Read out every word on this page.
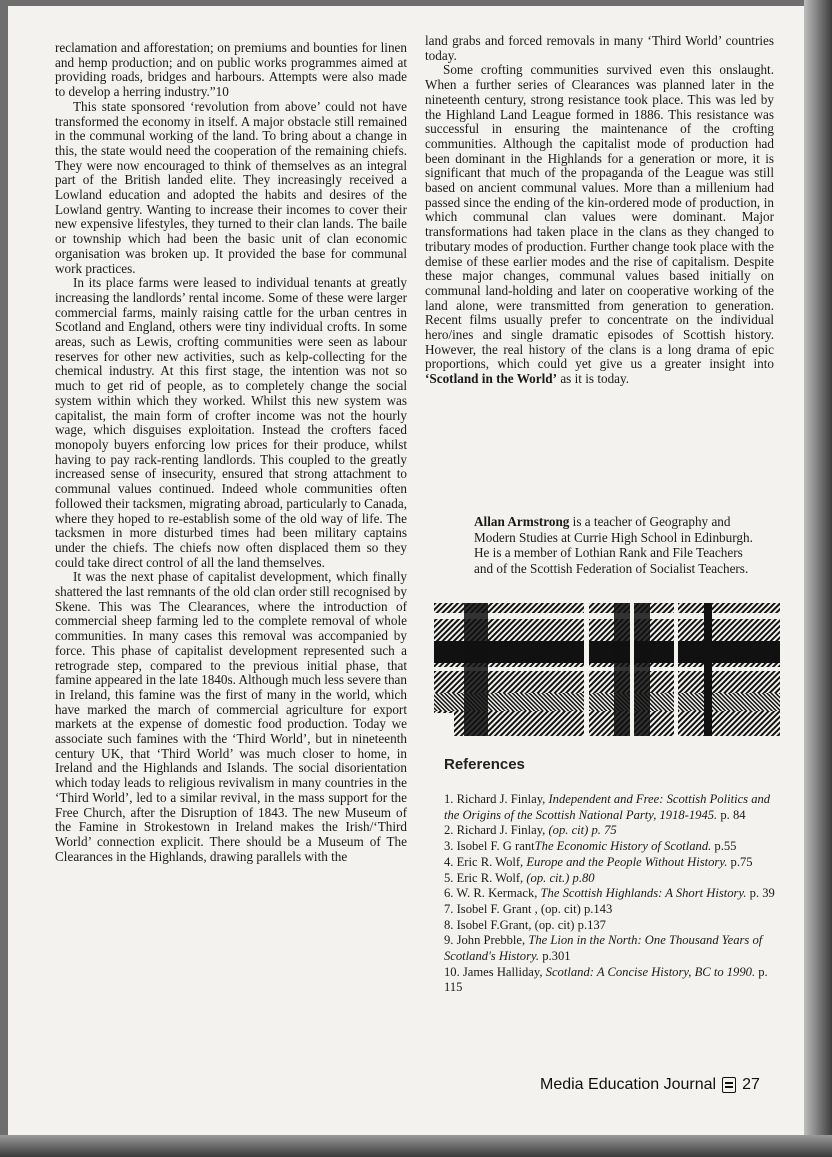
reclamation and afforestation; on premiums and bounties for linen and hemp production; and on public works programmes aimed at providing roads, bridges and harbours. Attempts were also made to develop a herring industry.”10

This state sponsored ‘revolution from above’ could not have transformed the economy in itself. A major obstacle still remained in the communal working of the land. To bring about a change in this, the state would need the cooperation of the remaining chiefs. They were now encouraged to think of themselves as an integral part of the British landed elite. They increasingly received a Lowland education and adopted the habits and desires of the Lowland gentry. Wanting to increase their incomes to cover their new expensive lifestyles, they turned to their clan lands. The baile or township which had been the basic unit of clan economic organisation was broken up. It provided the base for communal work practices.

In its place farms were leased to individual tenants at greatly increasing the landlords’ rental income. Some of these were larger commercial farms, mainly raising cattle for the urban centres in Scotland and England, others were tiny individual crofts. In some areas, such as Lewis, crofting communities were seen as labour reserves for other new activities, such as kelp-collecting for the chemical industry. At this first stage, the intention was not so much to get rid of people, as to completely change the social system within which they worked. Whilst this new system was capitalist, the main form of crofter income was not the hourly wage, which disguises exploitation. Instead the crofters faced monopoly buyers enforcing low prices for their produce, whilst having to pay rack-renting landlords. This coupled to the greatly increased sense of insecurity, ensured that strong attachment to communal values continued. Indeed whole communities often followed their tacksmen, migrating abroad, particularly to Canada, where they hoped to re-establish some of the old way of life. The tacksmen in more disturbed times had been military captains under the chiefs. The chiefs now often displaced them so they could take direct control of all the land themselves.

It was the next phase of capitalist development, which finally shattered the last remnants of the old clan order still recognised by Skene. This was The Clearances, where the introduction of commercial sheep farming led to the complete removal of whole communities. In many cases this removal was accompanied by force. This phase of capitalist development represented such a retrograde step, compared to the previous initial phase, that famine appeared in the late 1840s. Although much less severe than in Ireland, this famine was the first of many in the world, which have marked the march of commercial agriculture for export markets at the expense of domestic food production. Today we associate such famines with the ‘Third World’, but in nineteenth century UK, that ‘Third World’ was much closer to home, in Ireland and the Highlands and Islands. The social disorientation which today leads to religious revivalism in many countries in the ‘Third World’, led to a similar revival, in the mass support for the Free Church, after the Disruption of 1843. The new Museum of the Famine in Strokestown in Ireland makes the Irish/‘Third World’ connection explicit. There should be a Museum of The Clearances in the Highlands, drawing parallels with the

land grabs and forced removals in many ‘Third World’ countries today.

Some crofting communities survived even this onslaught. When a further series of Clearances was planned later in the nineteenth century, strong resistance took place. This was led by the Highland Land League formed in 1886. This resistance was successful in ensuring the maintenance of the crofting communities. Although the capitalist mode of production had been dominant in the Highlands for a generation or more, it is significant that much of the propaganda of the League was still based on ancient communal values. More than a millenium had passed since the ending of the kin-ordered mode of production, in which communal clan values were dominant. Major transformations had taken place in the clans as they changed to tributary modes of production. Further change took place with the demise of these earlier modes and the rise of capitalism. Despite these major changes, communal values based initially on communal land-holding and later on cooperative working of the land alone, were transmitted from generation to generation. Recent films usually prefer to concentrate on the individual hero/ines and single dramatic episodes of Scottish history. However, the real history of the clans is a long drama of epic proportions, which could yet give us a greater insight into ‘Scotland in the World’ as it is today.

Allan Armstrong is a teacher of Geography and Modern Studies at Currie High School in Edinburgh. He is a member of Lothian Rank and File Teachers and of the Scottish Federation of Socialist Teachers.
References

1. Richard J. Finlay, Independent and Free: Scottish Politics and the Origins of the Scottish National Party, 1918-1945. p. 84

2. Richard J. Finlay, (op. cit) p. 75

3. Isobel F. G rantThe Economic History of Scotland. p.55

4. Eric R. Wolf, Europe and the People Without History. p.75

5. Eric R. Wolf, (op. cit.) p.80

6. W. R. Kermack, The Scottish Highlands: A Short History. p. 39

7. Isobel F. Grant , (op. cit) p.143

8. Isobel F.Grant, (op. cit) p.137

9. John Prebble, The Lion in the North: One Thousand Years of Scotland's History. p.301

10. James Halliday, Scotland: A Concise History, BC to 1990. p. 115

Media Education Journal 27
